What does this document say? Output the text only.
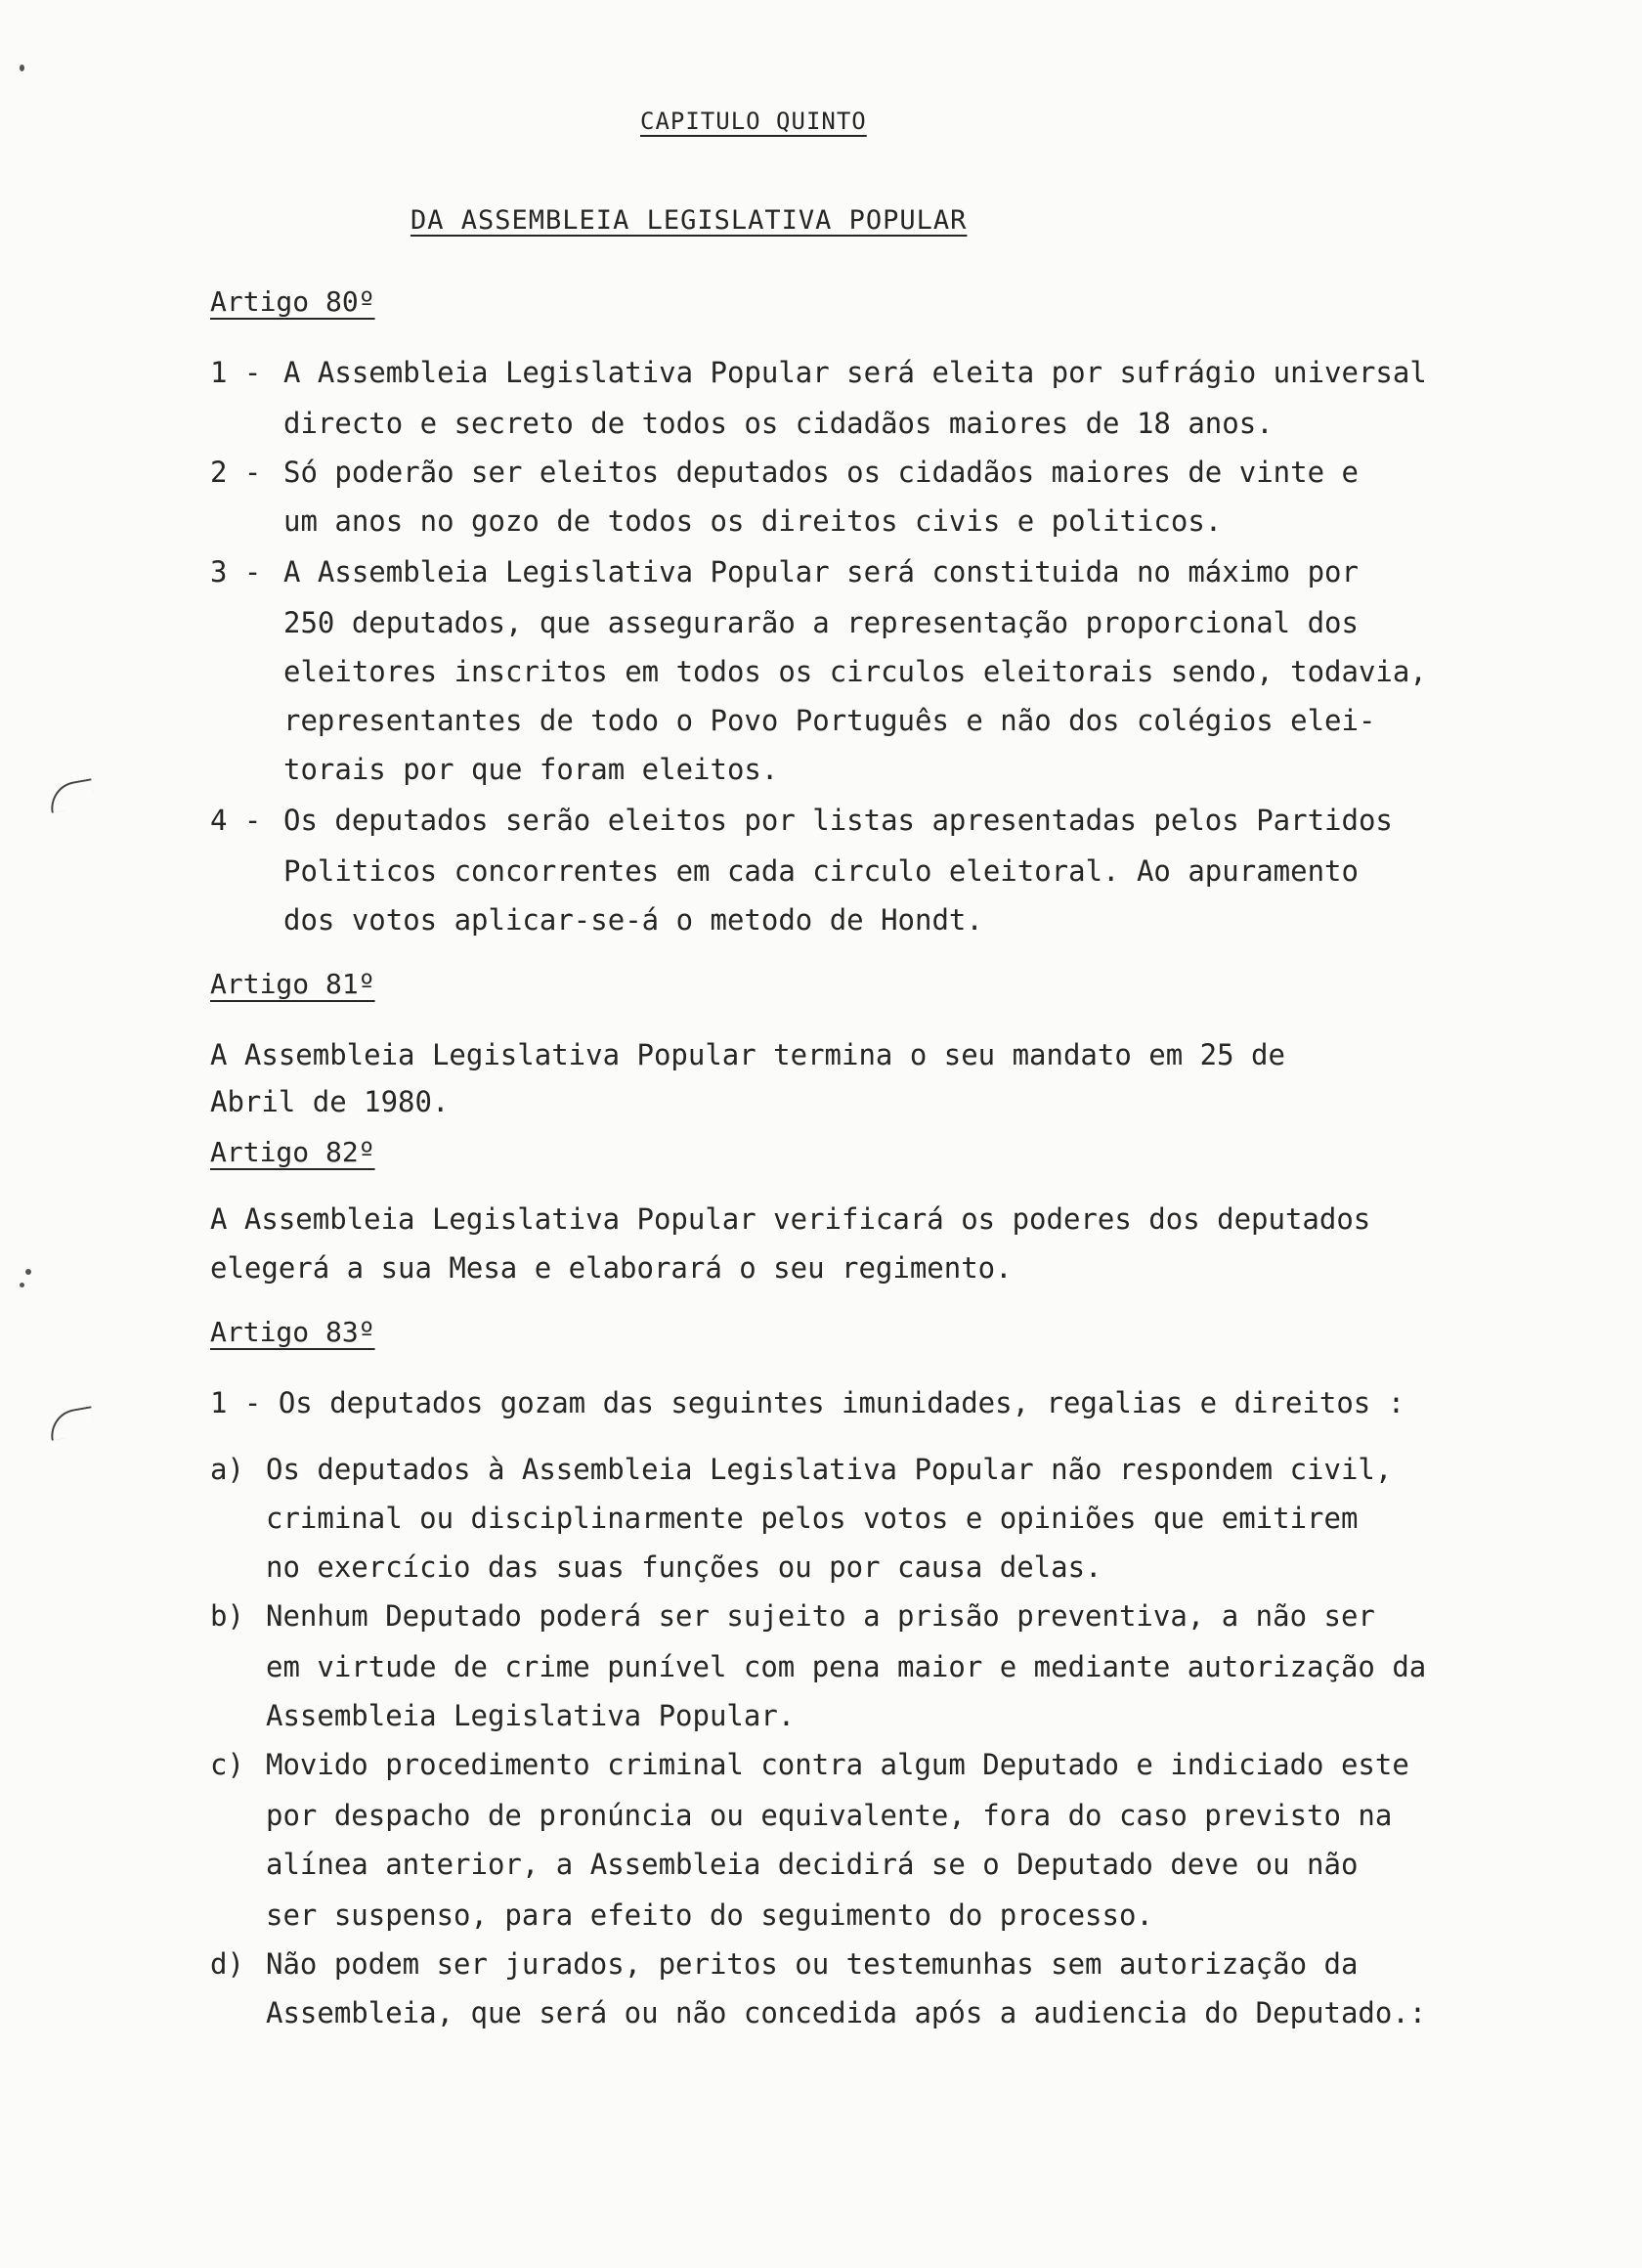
CAPITULO QUINTO
DA ASSEMBLEIA LEGISLATIVA POPULAR
Artigo 80º
1 - A Assembleia Legislativa Popular será eleita por sufrágio universal
directo e secreto de todos os cidadãos maiores de 18 anos.
2 - Só poderão ser eleitos deputados os cidadãos maiores de vinte e
um anos no gozo de todos os direitos civis e politicos.
3 - A Assembleia Legislativa Popular será constituida no máximo por
250 deputados, que assegurarão a representação proporcional dos
eleitores inscritos em todos os circulos eleitorais sendo, todavia,
representantes de todo o Povo Português e não dos colégios elei-
torais por que foram eleitos.
4 - Os deputados serão eleitos por listas apresentadas pelos Partidos
Politicos concorrentes em cada circulo eleitoral. Ao apuramento
dos votos aplicar-se-á o metodo de Hondt.
Artigo 81º
A Assembleia Legislativa Popular termina o seu mandato em 25 de
Abril de 1980.
Artigo 82º
A Assembleia Legislativa Popular verificará os poderes dos deputados
elegerá a sua Mesa e elaborará o seu regimento.
Artigo 83º
1 - Os deputados gozam das seguintes imunidades, regalias e direitos :
a) Os deputados à Assembleia Legislativa Popular não respondem civil,
criminal ou disciplinarmente pelos votos e opiniões que emitirem
no exercício das suas funções ou por causa delas.
b) Nenhum Deputado poderá ser sujeito a prisão preventiva, a não ser
em virtude de crime punível com pena maior e mediante autorização da
Assembleia Legislativa Popular.
c) Movido procedimento criminal contra algum Deputado e indiciado este
por despacho de pronúncia ou equivalente, fora do caso previsto na
alínea anterior, a Assembleia decidirá se o Deputado deve ou não
ser suspenso, para efeito do seguimento do processo.
d) Não podem ser jurados, peritos ou testemunhas sem autorização da
Assembleia, que será ou não concedida após a audiencia do Deputado.:
